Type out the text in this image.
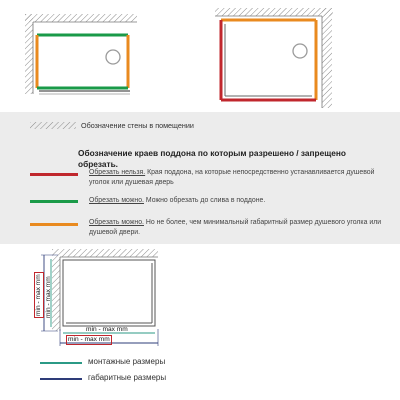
Обозначение стены в помещении
Обозначение краев поддона по которым разрешено / запрещено обрезать.
Обрезать нельзя. Края поддона, на которые непосредственно устанавливается душевой уголок или душевая дверь
Обрезать можно. Можно обрезать до слива в поддоне.
Обрезать можно. Но не более, чем минимальный габаритный размер душевого уголка или душевой двери.
min - max mm min - max mm
min - max mm
min - max mm
монтажные размеры
габаритные размеры
